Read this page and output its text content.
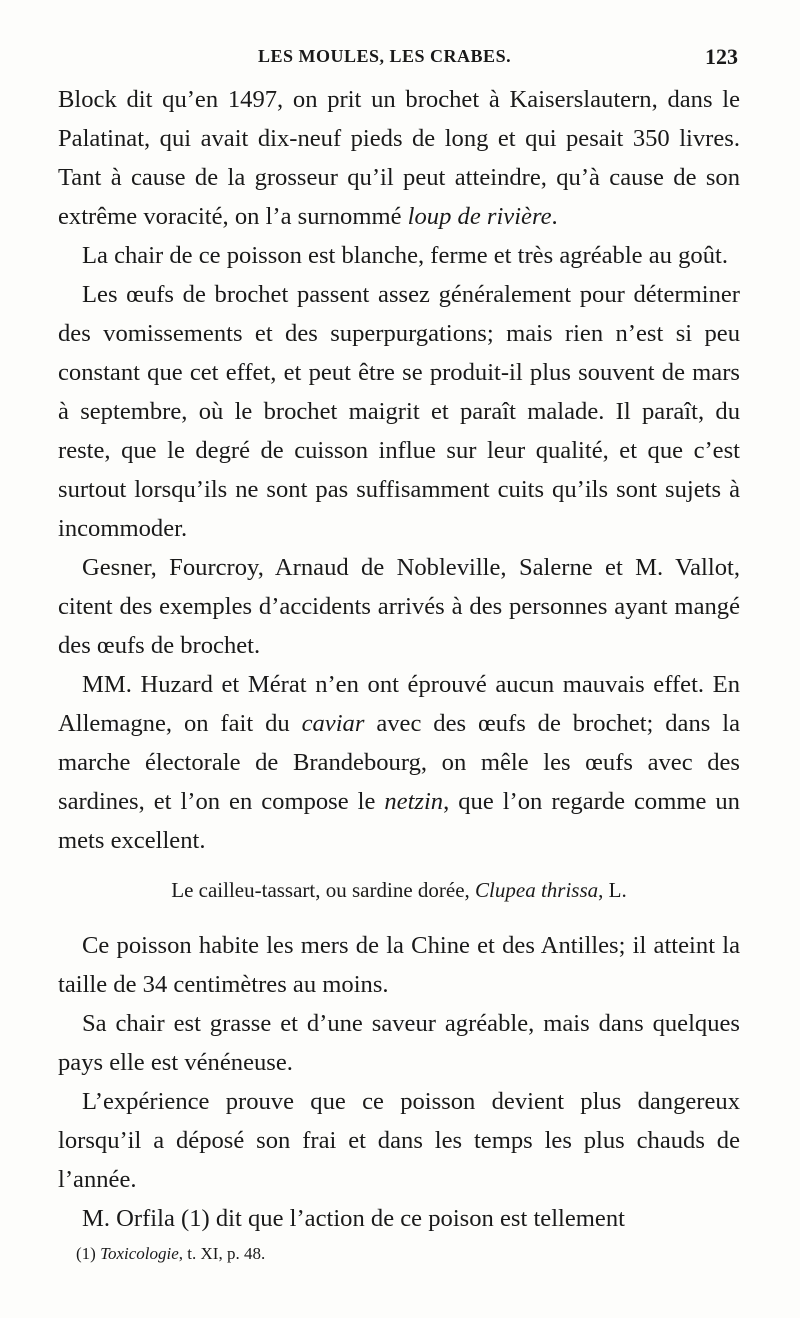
LES MOULES, LES CRABES.	123

Block dit qu’en 1497, on prit un brochet à Kaiserslautern, dans le Palatinat, qui avait dix-neuf pieds de long et qui pesait 350 livres. Tant à cause de la grosseur qu’il peut atteindre, qu’à cause de son extrême voracité, on l’a surnommé loup de rivière.

La chair de ce poisson est blanche, ferme et très agréable au goût.

Les œufs de brochet passent assez généralement pour déterminer des vomissements et des superpurgations; mais rien n’est si peu constant que cet effet, et peut être se produit-il plus souvent de mars à septembre, où le brochet maigrit et paraît malade. Il paraît, du reste, que le degré de cuisson influe sur leur qualité, et que c’est surtout lorsqu’ils ne sont pas suffisamment cuits qu’ils sont sujets à incommoder.

Gesner, Fourcroy, Arnaud de Nobleville, Salerne et M. Vallot, citent des exemples d’accidents arrivés à des personnes ayant mangé des œufs de brochet.

MM. Huzard et Mérat n’en ont éprouvé aucun mauvais effet. En Allemagne, on fait du caviar avec des œufs de brochet; dans la marche électorale de Brandebourg, on mêle les œufs avec des sardines, et l’on en compose le netzin, que l’on regarde comme un mets excellent.

Le cailleu-tassart, ou sardine dorée, Clupea thrissa, L.

Ce poisson habite les mers de la Chine et des Antilles; il atteint la taille de 34 centimètres au moins.

Sa chair est grasse et d’une saveur agréable, mais dans quelques pays elle est vénéneuse.

L’expérience prouve que ce poisson devient plus dangereux lorsqu’il a déposé son frai et dans les temps les plus chauds de l’année.

M. Orfila (1) dit que l’action de ce poison est tellement

(1) Toxicologie, t. XI, p. 48.
